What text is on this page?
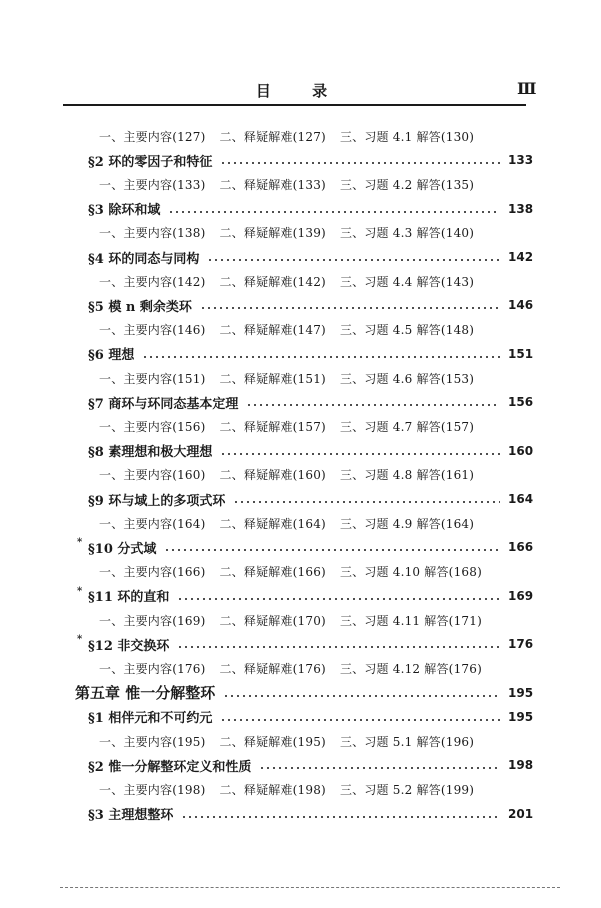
目 录	Ⅲ
一、主要内容(127) 二、释疑解难(127) 三、习题 4.1 解答(130)
§2 环的零因子和特征	133
一、主要内容(133) 二、释疑解难(133) 三、习题 4.2 解答(135)
§3 除环和域	138
一、主要内容(138) 二、释疑解难(139) 三、习题 4.3 解答(140)
§4 环的同态与同构	142
一、主要内容(142) 二、释疑解难(142) 三、习题 4.4 解答(143)
§5 模 n 剩余类环	146
一、主要内容(146) 二、释疑解难(147) 三、习题 4.5 解答(148)
§6 理想	151
一、主要内容(151) 二、释疑解难(151) 三、习题 4.6 解答(153)
§7 商环与环同态基本定理	156
一、主要内容(156) 二、释疑解难(157) 三、习题 4.7 解答(157)
§8 素理想和极大理想	160
一、主要内容(160) 二、释疑解难(160) 三、习题 4.8 解答(161)
§9 环与域上的多项式环	164
一、主要内容(164) 二、释疑解难(164) 三、习题 4.9 解答(164)
* §10 分式域	166
一、主要内容(166) 二、释疑解难(166) 三、习题 4.10 解答(168)
* §11 环的直和	169
一、主要内容(169) 二、释疑解难(170) 三、习题 4.11 解答(171)
* §12 非交换环	176
一、主要内容(176) 二、释疑解难(176) 三、习题 4.12 解答(176)
第五章 惟一分解整环	195
§1 相伴元和不可约元	195
一、主要内容(195) 二、释疑解难(195) 三、习题 5.1 解答(196)
§2 惟一分解整环定义和性质	198
一、主要内容(198) 二、释疑解难(198) 三、习题 5.2 解答(199)
§3 主理想整环	201
